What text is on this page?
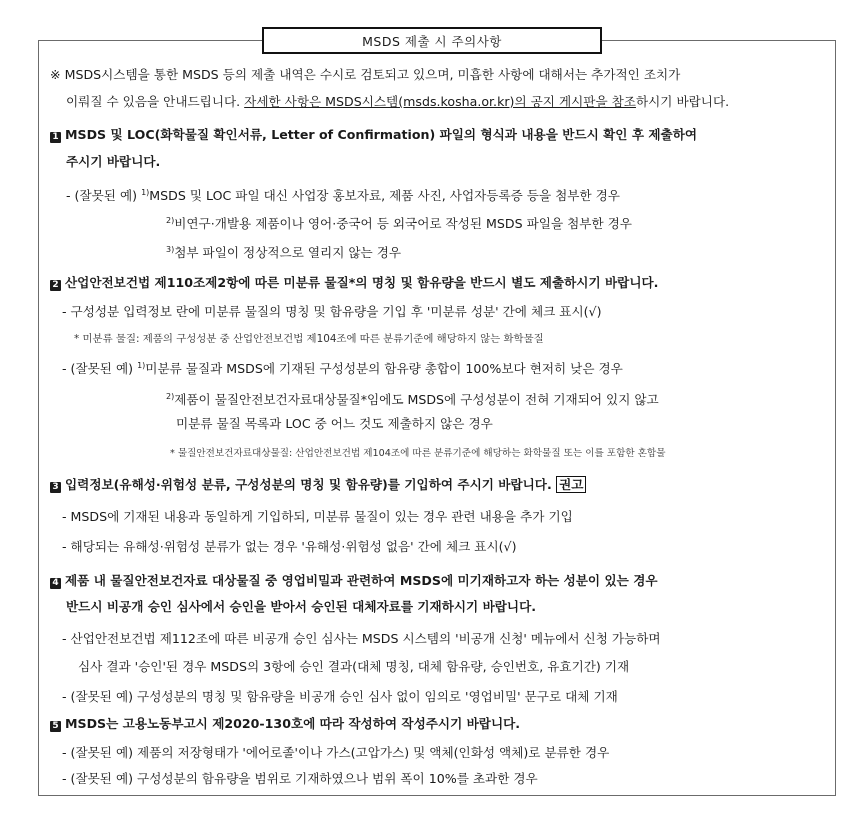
MSDS 제출 시 주의사항
※ MSDS시스템을 통한 MSDS 등의 제출 내역은 수시로 검토되고 있으며, 미흡한 사항에 대해서는 추가적인 조치가
이뤄질 수 있음을 안내드립니다. 자세한 사항은 MSDS시스템(msds.kosha.or.kr)의 공지 게시판을 참조하시기 바랍니다.
1 MSDS 및 LOC(화학물질 확인서류, Letter of Confirmation) 파일의 형식과 내용을 반드시 확인 후 제출하여
주시기 바랍니다.
- (잘못된 예) $^{1)}$MSDS 및 LOC 파일 대신 사업장 홍보자료, 제품 사진, 사업자등록증 등을 첨부한 경우
$^{2)}$비연구·개발용 제품이나 영어·중국어 등 외국어로 작성된 MSDS 파일을 첨부한 경우
$^{3)}$첨부 파일이 정상적으로 열리지 않는 경우
2 산업안전보건법 제110조제2항에 따른 미분류 물질*의 명칭 및 함유량을 반드시 별도 제출하시기 바랍니다.
- 구성성분 입력정보 란에 미분류 물질의 명칭 및 함유량을 기입 후 '미분류 성분' 간에 체크 표시(√)
* 미분류 물질: 제품의 구성성분 중 산업안전보건법 제104조에 따른 분류기준에 해당하지 않는 화학물질
- (잘못된 예) $^{1)}$미분류 물질과 MSDS에 기재된 구성성분의 함유량 총합이 100%보다 현저히 낮은 경우
$^{2)}$제품이 물질안전보건자료대상물질*임에도 MSDS에 구성성분이 전혀 기재되어 있지 않고
미분류 물질 목록과 LOC 중 어느 것도 제출하지 않은 경우
* 물질안전보건자료대상물질: 산업안전보건법 제104조에 따른 분류기준에 해당하는 화학물질 또는 이를 포함한 혼합물
3 입력정보(유해성·위험성 분류, 구성성분의 명칭 및 함유량)를 기입하여 주시기 바랍니다. 권고
- MSDS에 기재된 내용과 동일하게 기입하되, 미분류 물질이 있는 경우 관련 내용을 추가 기입
- 해당되는 유해성·위험성 분류가 없는 경우 '유해성·위험성 없음' 간에 체크 표시(√)
4 제품 내 물질안전보건자료 대상물질 중 영업비밀과 관련하여 MSDS에 미기재하고자 하는 성분이 있는 경우
반드시 비공개 승인 심사에서 승인을 받아서 승인된 대체자료를 기재하시기 바랍니다.
- 산업안전보건법 제112조에 따른 비공개 승인 심사는 MSDS 시스템의 '비공개 신청' 메뉴에서 신청 가능하며
심사 결과 '승인'된 경우 MSDS의 3항에 승인 결과(대체 명칭, 대체 함유량, 승인번호, 유효기간) 기재
- (잘못된 예) 구성성분의 명칭 및 함유량을 비공개 승인 심사 없이 임의로 '영업비밀' 문구로 대체 기재
5 MSDS는 고용노동부고시 제2020-130호에 따라 작성하여 작성주시기 바랍니다.
- (잘못된 예) 제품의 저장형태가 '에어로졸'이나 가스(고압가스) 및 액체(인화성 액체)로 분류한 경우
- (잘못된 예) 구성성분의 함유량을 범위로 기재하였으나 범위 폭이 10%를 초과한 경우
